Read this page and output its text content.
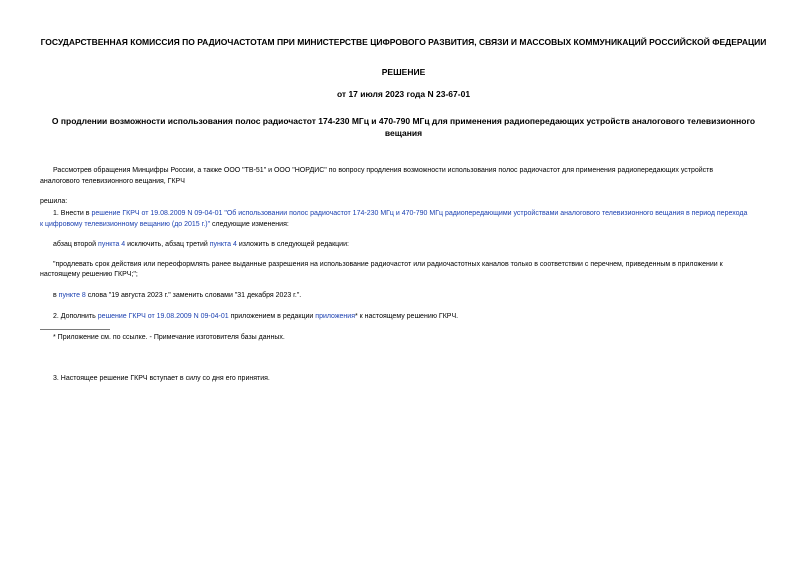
ГОСУДАРСТВЕННАЯ КОМИССИЯ ПО РАДИОЧАСТОТАМ ПРИ МИНИСТЕРСТВЕ ЦИФРОВОГО РАЗВИТИЯ, СВЯЗИ И МАССОВЫХ КОММУНИКАЦИЙ РОССИЙСКОЙ ФЕДЕРАЦИИ
РЕШЕНИЕ
от 17 июля 2023 года N 23-67-01
О продлении возможности использования полос радиочастот 174-230 МГц и 470-790 МГц для применения радиопередающих устройств аналогового телевизионного вещания
Рассмотрев обращения Минцифры России, а также ООО "ТВ-51" и ООО "НОРДИС" по вопросу продления возможности использования полос радиочастот для применения радиопередающих устройств
аналогового телевизионного вещания, ГКРЧ
решила:
1. Внести в решение ГКРЧ от 19.08.2009 N 09-04-01 "Об использовании полос радиочастот 174-230 МГц и 470-790 МГц радиопередающими устройствами аналогового телевизионного вещания в период перехода
к цифровому телевизионному вещанию (до 2015 г.)" следующие изменения:
абзац второй пункта 4 исключить, абзац третий пункта 4 изложить в следующей редакции:
"продлевать срок действия или переоформлять ранее выданные разрешения на использование радиочастот или радиочастотных каналов только в соответствии с перечнем, приведенным в приложении к
настоящему решению ГКРЧ;";
в пункте 8 слова "19 августа 2023 г." заменить словами "31 декабря 2023 г.".
2. Дополнить решение ГКРЧ от 19.08.2009 N 09-04-01 приложением в редакции приложения* к настоящему решению ГКРЧ.
* Приложение см. по ссылке. - Примечание изготовителя базы данных.
3. Настоящее решение ГКРЧ вступает в силу со дня его принятия.
